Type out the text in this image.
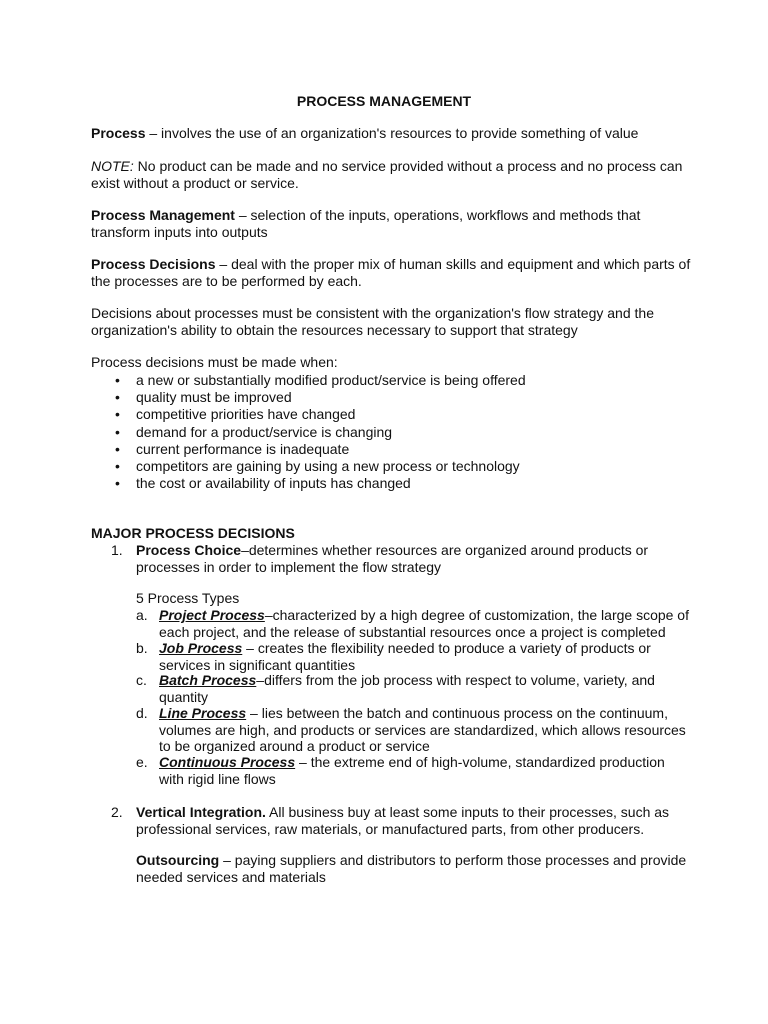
PROCESS MANAGEMENT
Process – involves the use of an organization's resources to provide something of value
NOTE: No product can be made and no service provided without a process and no process can exist without a product or service.
Process Management – selection of the inputs, operations, workflows and methods that transform inputs into outputs
Process Decisions – deal with the proper mix of human skills and equipment and which parts of the processes are to be performed by each.
Decisions about processes must be consistent with the organization's flow strategy and the organization's ability to obtain the resources necessary to support that strategy
Process decisions must be made when:
• a new or substantially modified product/service is being offered
• quality must be improved
• competitive priorities have changed
• demand for a product/service is changing
• current performance is inadequate
• competitors are gaining by using a new process or technology
• the cost or availability of inputs has changed
MAJOR PROCESS DECISIONS
1. Process Choice–determines whether resources are organized around products or processes in order to implement the flow strategy
5 Process Types
a. Project Process–characterized by a high degree of customization, the large scope of each project, and the release of substantial resources once a project is completed
b. Job Process – creates the flexibility needed to produce a variety of products or services in significant quantities
c. Batch Process–differs from the job process with respect to volume, variety, and quantity
d. Line Process – lies between the batch and continuous process on the continuum, volumes are high, and products or services are standardized, which allows resources to be organized around a product or service
e. Continuous Process – the extreme end of high-volume, standardized production with rigid line flows
2. Vertical Integration. All business buy at least some inputs to their processes, such as professional services, raw materials, or manufactured parts, from other producers.
Outsourcing – paying suppliers and distributors to perform those processes and provide needed services and materials
